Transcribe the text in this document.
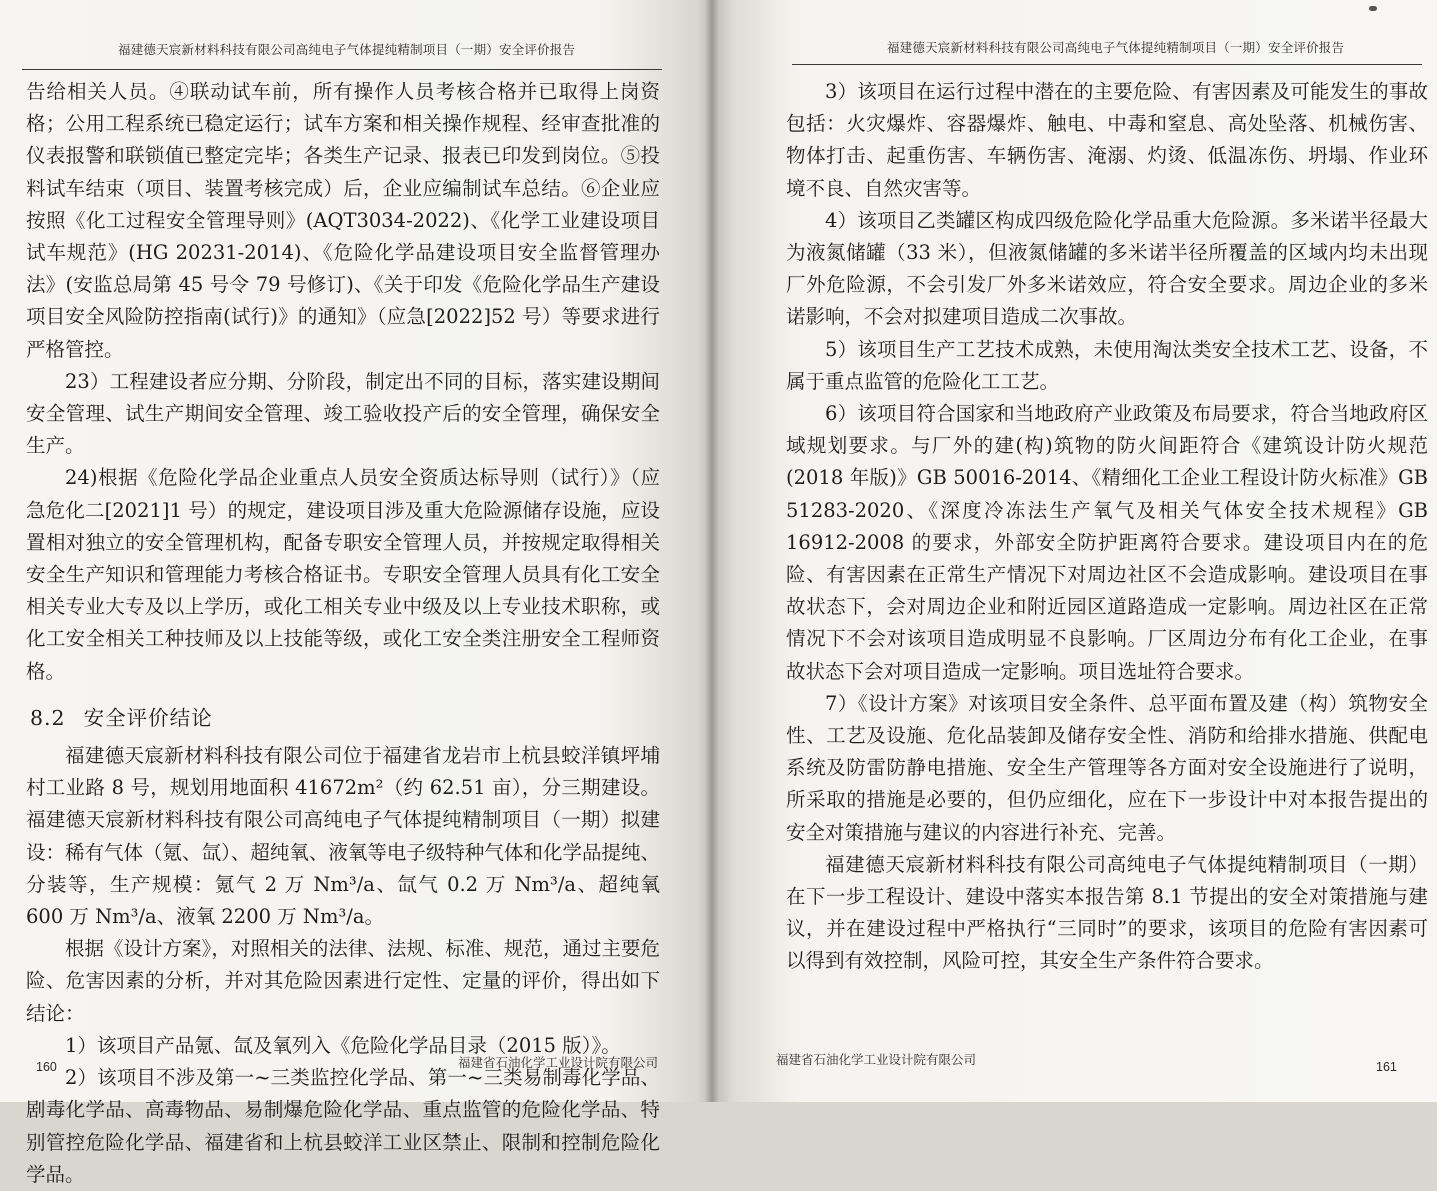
福建德天宸新材料科技有限公司高纯电子气体提纯精制项目（一期）安全评价报告

告给相关人员。④联动试车前，所有操作人员考核合格并已取得上岗资格；公用工程系统已稳定运行；试车方案和相关操作规程、经审查批准的仪表报警和联锁值已整定完毕；各类生产记录、报表已印发到岗位。⑤投料试车结束（项目、装置考核完成）后，企业应编制试车总结。⑥企业应按照《化工过程安全管理导则》(AQT3034-2022)、《化学工业建设项目试车规范》(HG 20231-2014)、《危险化学品建设项目安全监督管理办法》(安监总局第 45 号令 79 号修订)、《关于印发《危险化学品生产建设项目安全风险防控指南(试行)》的通知》（应急[2022]52 号）等要求进行严格管控。

23）工程建设者应分期、分阶段，制定出不同的目标，落实建设期间安全管理、试生产期间安全管理、竣工验收投产后的安全管理，确保安全生产。

24)根据《危险化学品企业重点人员安全资质达标导则（试行）》（应急危化二[2021]1 号）的规定，建设项目涉及重大危险源储存设施，应设置相对独立的安全管理机构，配备专职安全管理人员，并按规定取得相关安全生产知识和管理能力考核合格证书。专职安全管理人员具有化工安全相关专业大专及以上学历，或化工相关专业中级及以上专业技术职称，或化工安全相关工种技师及以上技能等级，或化工安全类注册安全工程师资格。

8.2 安全评价结论

福建德天宸新材料科技有限公司位于福建省龙岩市上杭县蛟洋镇坪埔村工业路 8 号，规划用地面积 41672m²（约 62.51 亩），分三期建设。福建德天宸新材料科技有限公司高纯电子气体提纯精制项目（一期）拟建设：稀有气体（氪、氙）、超纯氧、液氧等电子级特种气体和化学品提纯、分装等，生产规模：氪气 2 万 Nm³/a、氙气 0.2 万 Nm³/a、超纯氧 600 万 Nm³/a、液氧 2200 万 Nm³/a。

根据《设计方案》，对照相关的法律、法规、标准、规范，通过主要危险、危害因素的分析，并对其危险因素进行定性、定量的评价，得出如下结论：

1）该项目产品氪、氙及氧列入《危险化学品目录（2015 版）》。

2）该项目不涉及第一~三类监控化学品、第一~三类易制毒化学品、剧毒化学品、高毒物品、易制爆危险化学品、重点监管的危险化学品、特别管控危险化学品、福建省和上杭县蛟洋工业区禁止、限制和控制危险化学品。

160	福建省石油化学工业设计院有限公司
福建德天宸新材料科技有限公司高纯电子气体提纯精制项目（一期）安全评价报告

3）该项目在运行过程中潜在的主要危险、有害因素及可能发生的事故包括：火灾爆炸、容器爆炸、触电、中毒和窒息、高处坠落、机械伤害、物体打击、起重伤害、车辆伤害、淹溺、灼烫、低温冻伤、坍塌、作业环境不良、自然灾害等。

4）该项目乙类罐区构成四级危险化学品重大危险源。多米诺半径最大为液氮储罐（33 米），但液氮储罐的多米诺半径所覆盖的区域内均未出现厂外危险源，不会引发厂外多米诺效应，符合安全要求。周边企业的多米诺影响，不会对拟建项目造成二次事故。

5）该项目生产工艺技术成熟，未使用淘汰类安全技术工艺、设备，不属于重点监管的危险化工工艺。

6）该项目符合国家和当地政府产业政策及布局要求，符合当地政府区域规划要求。与厂外的建(构)筑物的防火间距符合《建筑设计防火规范(2018 年版)》GB 50016-2014、《精细化工企业工程设计防火标准》GB 51283-2020、《深度冷冻法生产氧气及相关气体安全技术规程》GB 16912-2008 的要求，外部安全防护距离符合要求。建设项目内在的危险、有害因素在正常生产情况下对周边社区不会造成影响。建设项目在事故状态下，会对周边企业和附近园区道路造成一定影响。周边社区在正常情况下不会对该项目造成明显不良影响。厂区周边分布有化工企业，在事故状态下会对项目造成一定影响。项目选址符合要求。

7）《设计方案》对该项目安全条件、总平面布置及建（构）筑物安全性、工艺及设施、危化品装卸及储存安全性、消防和给排水措施、供配电系统及防雷防静电措施、安全生产管理等各方面对安全设施进行了说明，所采取的措施是必要的，但仍应细化，应在下一步设计中对本报告提出的安全对策措施与建议的内容进行补充、完善。

福建德天宸新材料科技有限公司高纯电子气体提纯精制项目（一期）在下一步工程设计、建设中落实本报告第 8.1 节提出的安全对策措施与建议，并在建设过程中严格执行“三同时”的要求，该项目的危险有害因素可以得到有效控制，风险可控，其安全生产条件符合要求。

福建省石油化学工业设计院有限公司	161
